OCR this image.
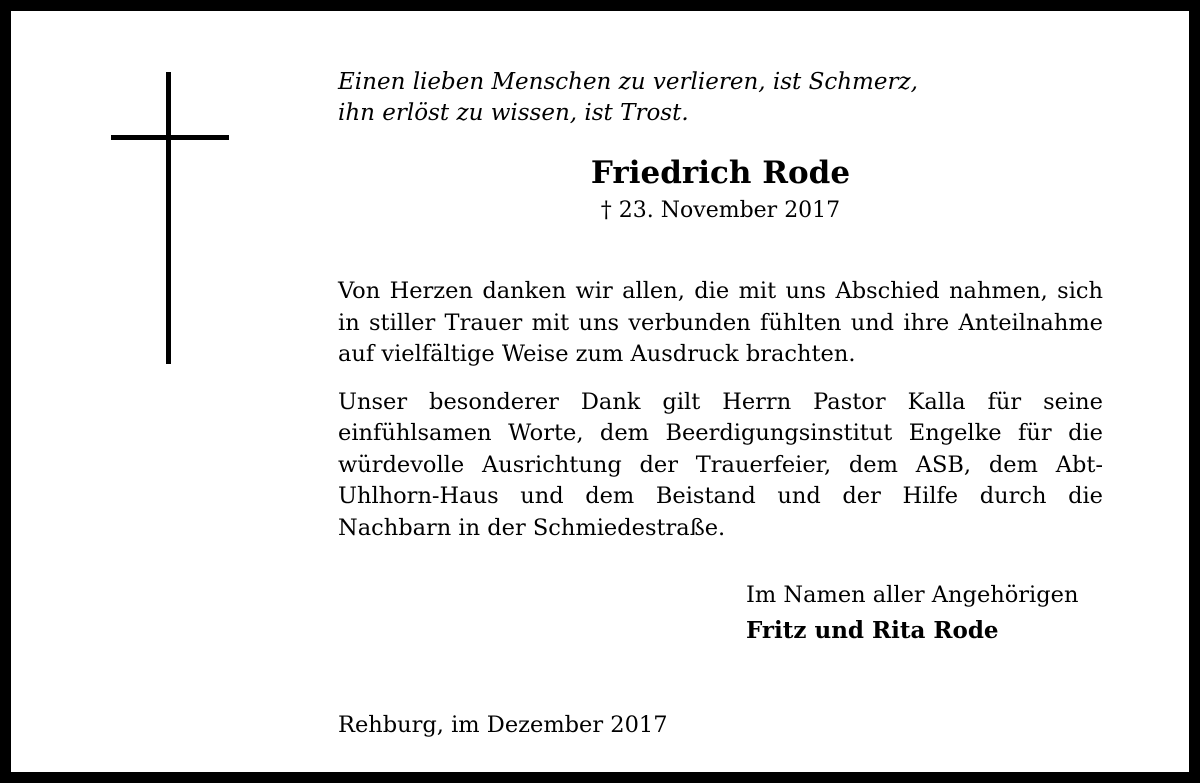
Einen lieben Menschen zu verlieren, ist Schmerz,
ihn erlöst zu wissen, ist Trost.
Friedrich Rode
† 23. November 2017

Von Herzen danken wir allen, die mit uns Abschied nahmen, sich in stiller Trauer mit uns verbunden fühlten und ihre Anteilnahme auf vielfältige Weise zum Ausdruck brachten.

Unser besonderer Dank gilt Herrn Pastor Kalla für seine einfühlsamen Worte, dem Beerdigungsinstitut Engelke für die würdevolle Ausrichtung der Trauerfeier, dem ASB, dem Abt-Uhlhorn-Haus und dem Beistand und der Hilfe durch die Nachbarn in der Schmiedestraße.

Im Namen aller Angehörigen

Fritz und Rita Rode

Rehburg, im Dezember 2017
